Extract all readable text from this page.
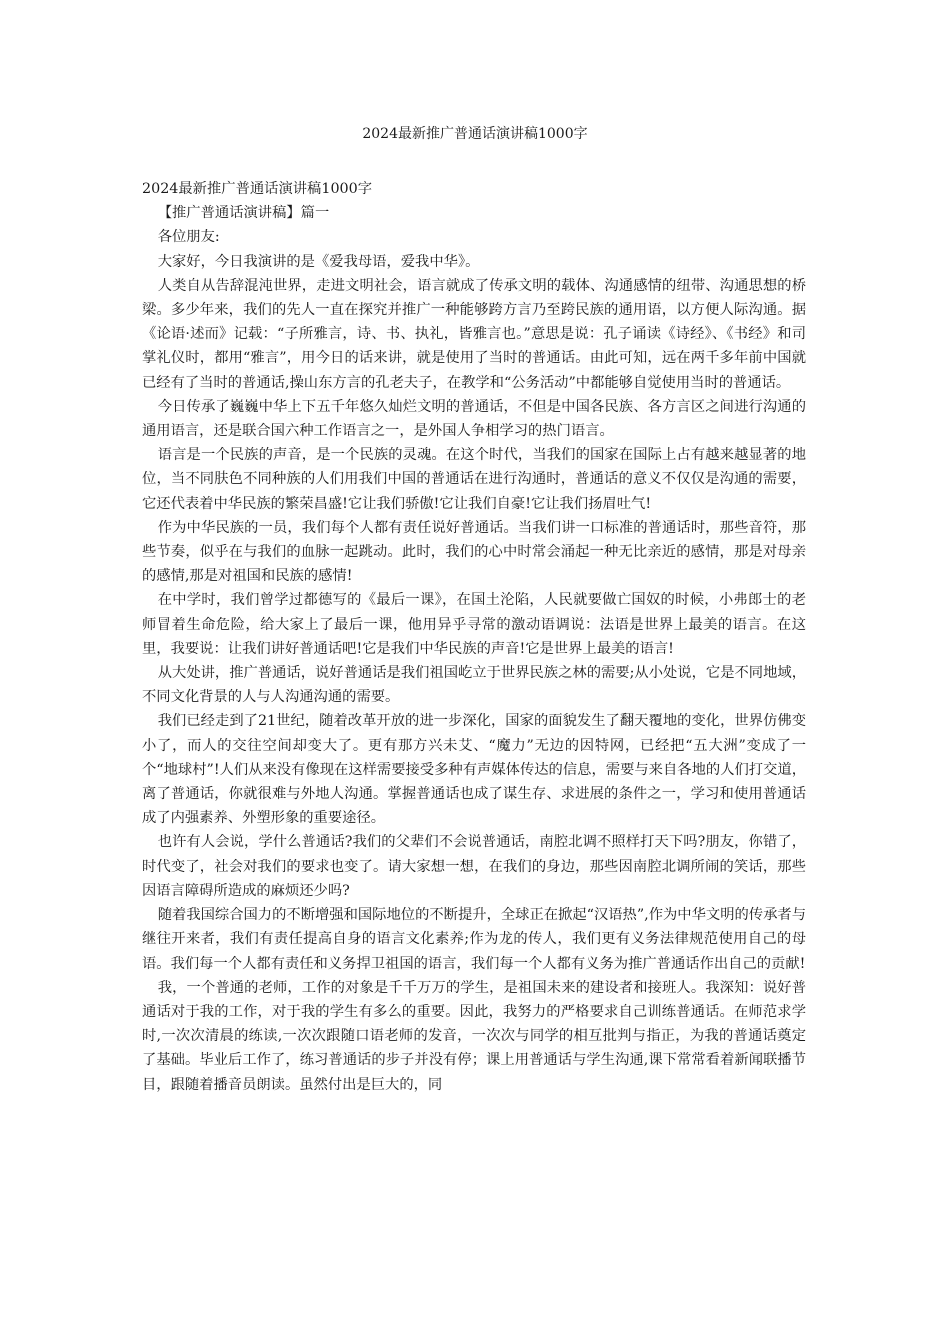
2024最新推广普通话演讲稿1000字

2024最新推广普通话演讲稿1000字

【推广普通话演讲稿】篇一

各位朋友:

大家好，今日我演讲的是《爱我母语，爱我中华》。

人类自从告辞混沌世界，走进文明社会，语言就成了传承文明的载体、沟通感情的纽带、沟通思想的桥梁。多少年来，我们的先人一直在探究并推广一种能够跨方言乃至跨民族的通用语，以方便人际沟通。据《论语·述而》记载：“子所雅言，诗、书、执礼，皆雅言也。”意思是说：孔子诵读《诗经》、《书经》和司掌礼仪时，都用“雅言”，用今日的话来讲，就是使用了当时的普通话。由此可知，远在两千多年前中国就已经有了当时的普通话,操山东方言的孔老夫子，在教学和“公务活动”中都能够自觉使用当时的普通话。

今日传承了巍巍中华上下五千年悠久灿烂文明的普通话，不但是中国各民族、各方言区之间进行沟通的通用语言，还是联合国六种工作语言之一，是外国人争相学习的热门语言。

语言是一个民族的声音，是一个民族的灵魂。在这个时代，当我们的国家在国际上占有越来越显著的地位，当不同肤色不同种族的人们用我们中国的普通话在进行沟通时，普通话的意义不仅仅是沟通的需要，它还代表着中华民族的繁荣昌盛!它让我们骄傲!它让我们自豪!它让我们扬眉吐气!

作为中华民族的一员，我们每个人都有责任说好普通话。当我们讲一口标准的普通话时，那些音符，那些节奏，似乎在与我们的血脉一起跳动。此时，我们的心中时常会涌起一种无比亲近的感情，那是对母亲的感情,那是对祖国和民族的感情!

在中学时，我们曾学过都德写的《最后一课》，在国土沦陷，人民就要做亡国奴的时候，小弗郎士的老师冒着生命危险，给大家上了最后一课，他用异乎寻常的激动语调说：法语是世界上最美的语言。在这里，我要说：让我们讲好普通话吧!它是我们中华民族的声音!它是世界上最美的语言!

从大处讲，推广普通话，说好普通话是我们祖国屹立于世界民族之林的需要;从小处说，它是不同地域，不同文化背景的人与人沟通沟通的需要。

我们已经走到了21世纪，随着改革开放的进一步深化，国家的面貌发生了翻天覆地的变化，世界仿佛变小了，而人的交往空间却变大了。更有那方兴未艾、“魔力”无边的因特网，已经把“五大洲”变成了一个“地球村”!人们从来没有像现在这样需要接受多种有声媒体传达的信息，需要与来自各地的人们打交道，离了普通话，你就很难与外地人沟通。掌握普通话也成了谋生存、求进展的条件之一，学习和使用普通话成了内强素养、外塑形象的重要途径。

也许有人会说，学什么普通话?我们的父辈们不会说普通话，南腔北调不照样打天下吗?朋友，你错了，时代变了，社会对我们的要求也变了。请大家想一想，在我们的身边，那些因南腔北调所闹的笑话，那些因语言障碍所造成的麻烦还少吗?

随着我国综合国力的不断增强和国际地位的不断提升，全球正在掀起“汉语热”,作为中华文明的传承者与继往开来者，我们有责任提高自身的语言文化素养;作为龙的传人，我们更有义务法律规范使用自己的母语。我们每一个人都有责任和义务捍卫祖国的语言，我们每一个人都有义务为推广普通话作出自己的贡献!

我，一个普通的老师，工作的对象是千千万万的学生，是祖国未来的建设者和接班人。我深知：说好普通话对于我的工作，对于我的学生有多么的重要。因此，我努力的严格要求自己训练普通话。在师范求学时,一次次清晨的练读,一次次跟随口语老师的发音，一次次与同学的相互批判与指正，为我的普通话奠定了基础。毕业后工作了，练习普通话的步子并没有停；课上用普通话与学生沟通,课下常常看着新闻联播节目，跟随着播音员朗读。虽然付出是巨大的，同
